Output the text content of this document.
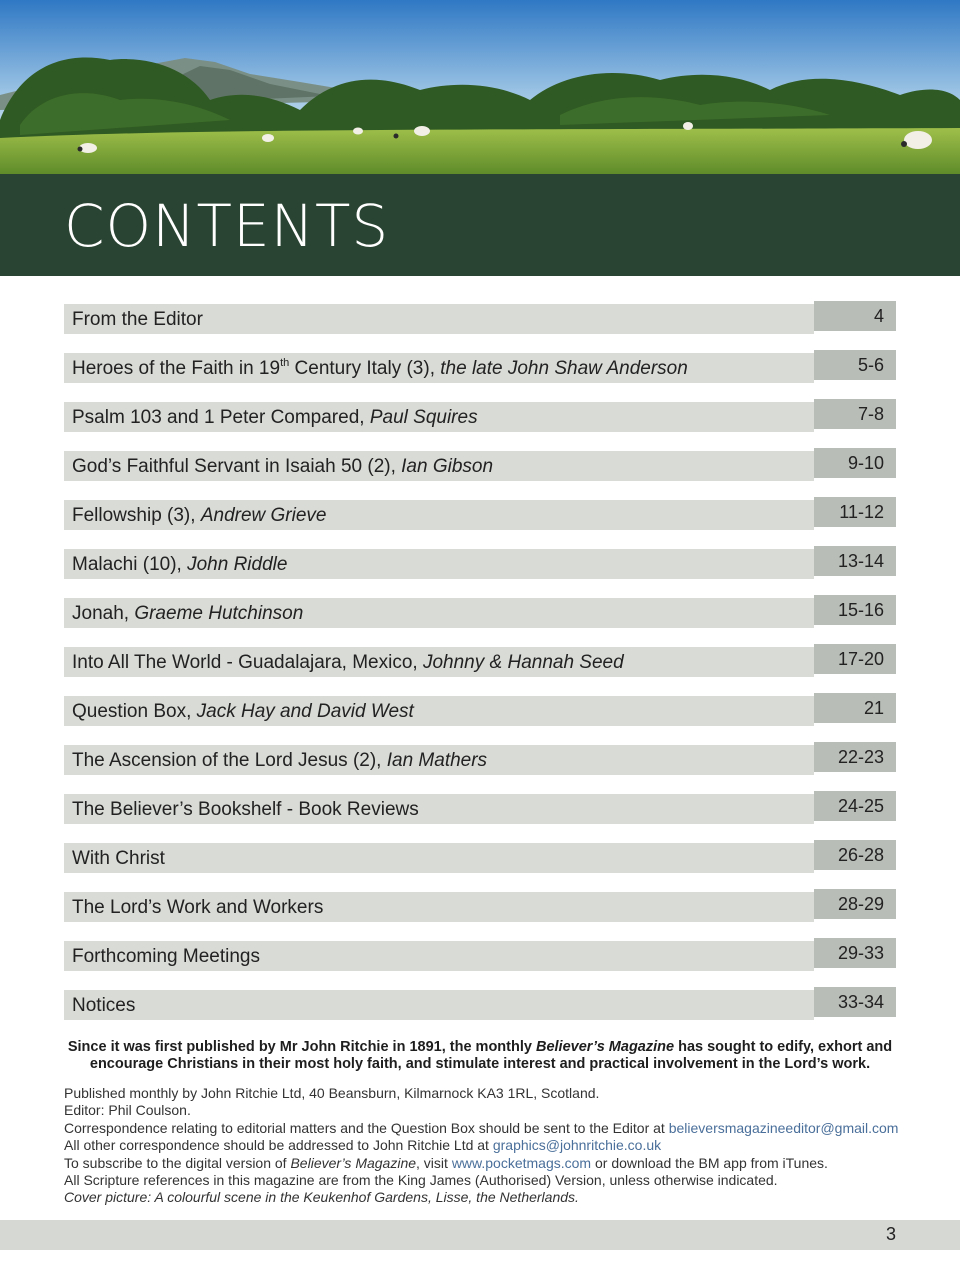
CONTENTS
From the Editor	4
Heroes of the Faith in 19th Century Italy (3), the late John Shaw Anderson	5-6
Psalm 103 and 1 Peter Compared, Paul Squires	7-8
God’s Faithful Servant in Isaiah 50 (2), Ian Gibson	9-10
Fellowship (3), Andrew Grieve	11-12
Malachi (10), John Riddle	13-14
Jonah, Graeme Hutchinson	15-16
Into All The World - Guadalajara, Mexico, Johnny & Hannah Seed	17-20
Question Box, Jack Hay and David West	21
The Ascension of the Lord Jesus (2), Ian Mathers	22-23
The Believer’s Bookshelf - Book Reviews	24-25
With Christ	26-28
The Lord’s Work and Workers	28-29
Forthcoming Meetings	29-33
Notices	33-34

Since it was first published by Mr John Ritchie in 1891, the monthly Believer’s Magazine has sought to edify, exhort and encourage Christians in their most holy faith, and stimulate interest and practical involvement in the Lord’s work.

Published monthly by John Ritchie Ltd, 40 Beansburn, Kilmarnock KA3 1RL, Scotland.
Editor: Phil Coulson.
Correspondence relating to editorial matters and the Question Box should be sent to the Editor at believersmagazineeditor@gmail.com
All other correspondence should be addressed to John Ritchie Ltd at graphics@johnritchie.co.uk
To subscribe to the digital version of Believer’s Magazine, visit www.pocketmags.com or download the BM app from iTunes.
All Scripture references in this magazine are from the King James (Authorised) Version, unless otherwise indicated.
Cover picture: A colourful scene in the Keukenhof Gardens, Lisse, the Netherlands.
3
